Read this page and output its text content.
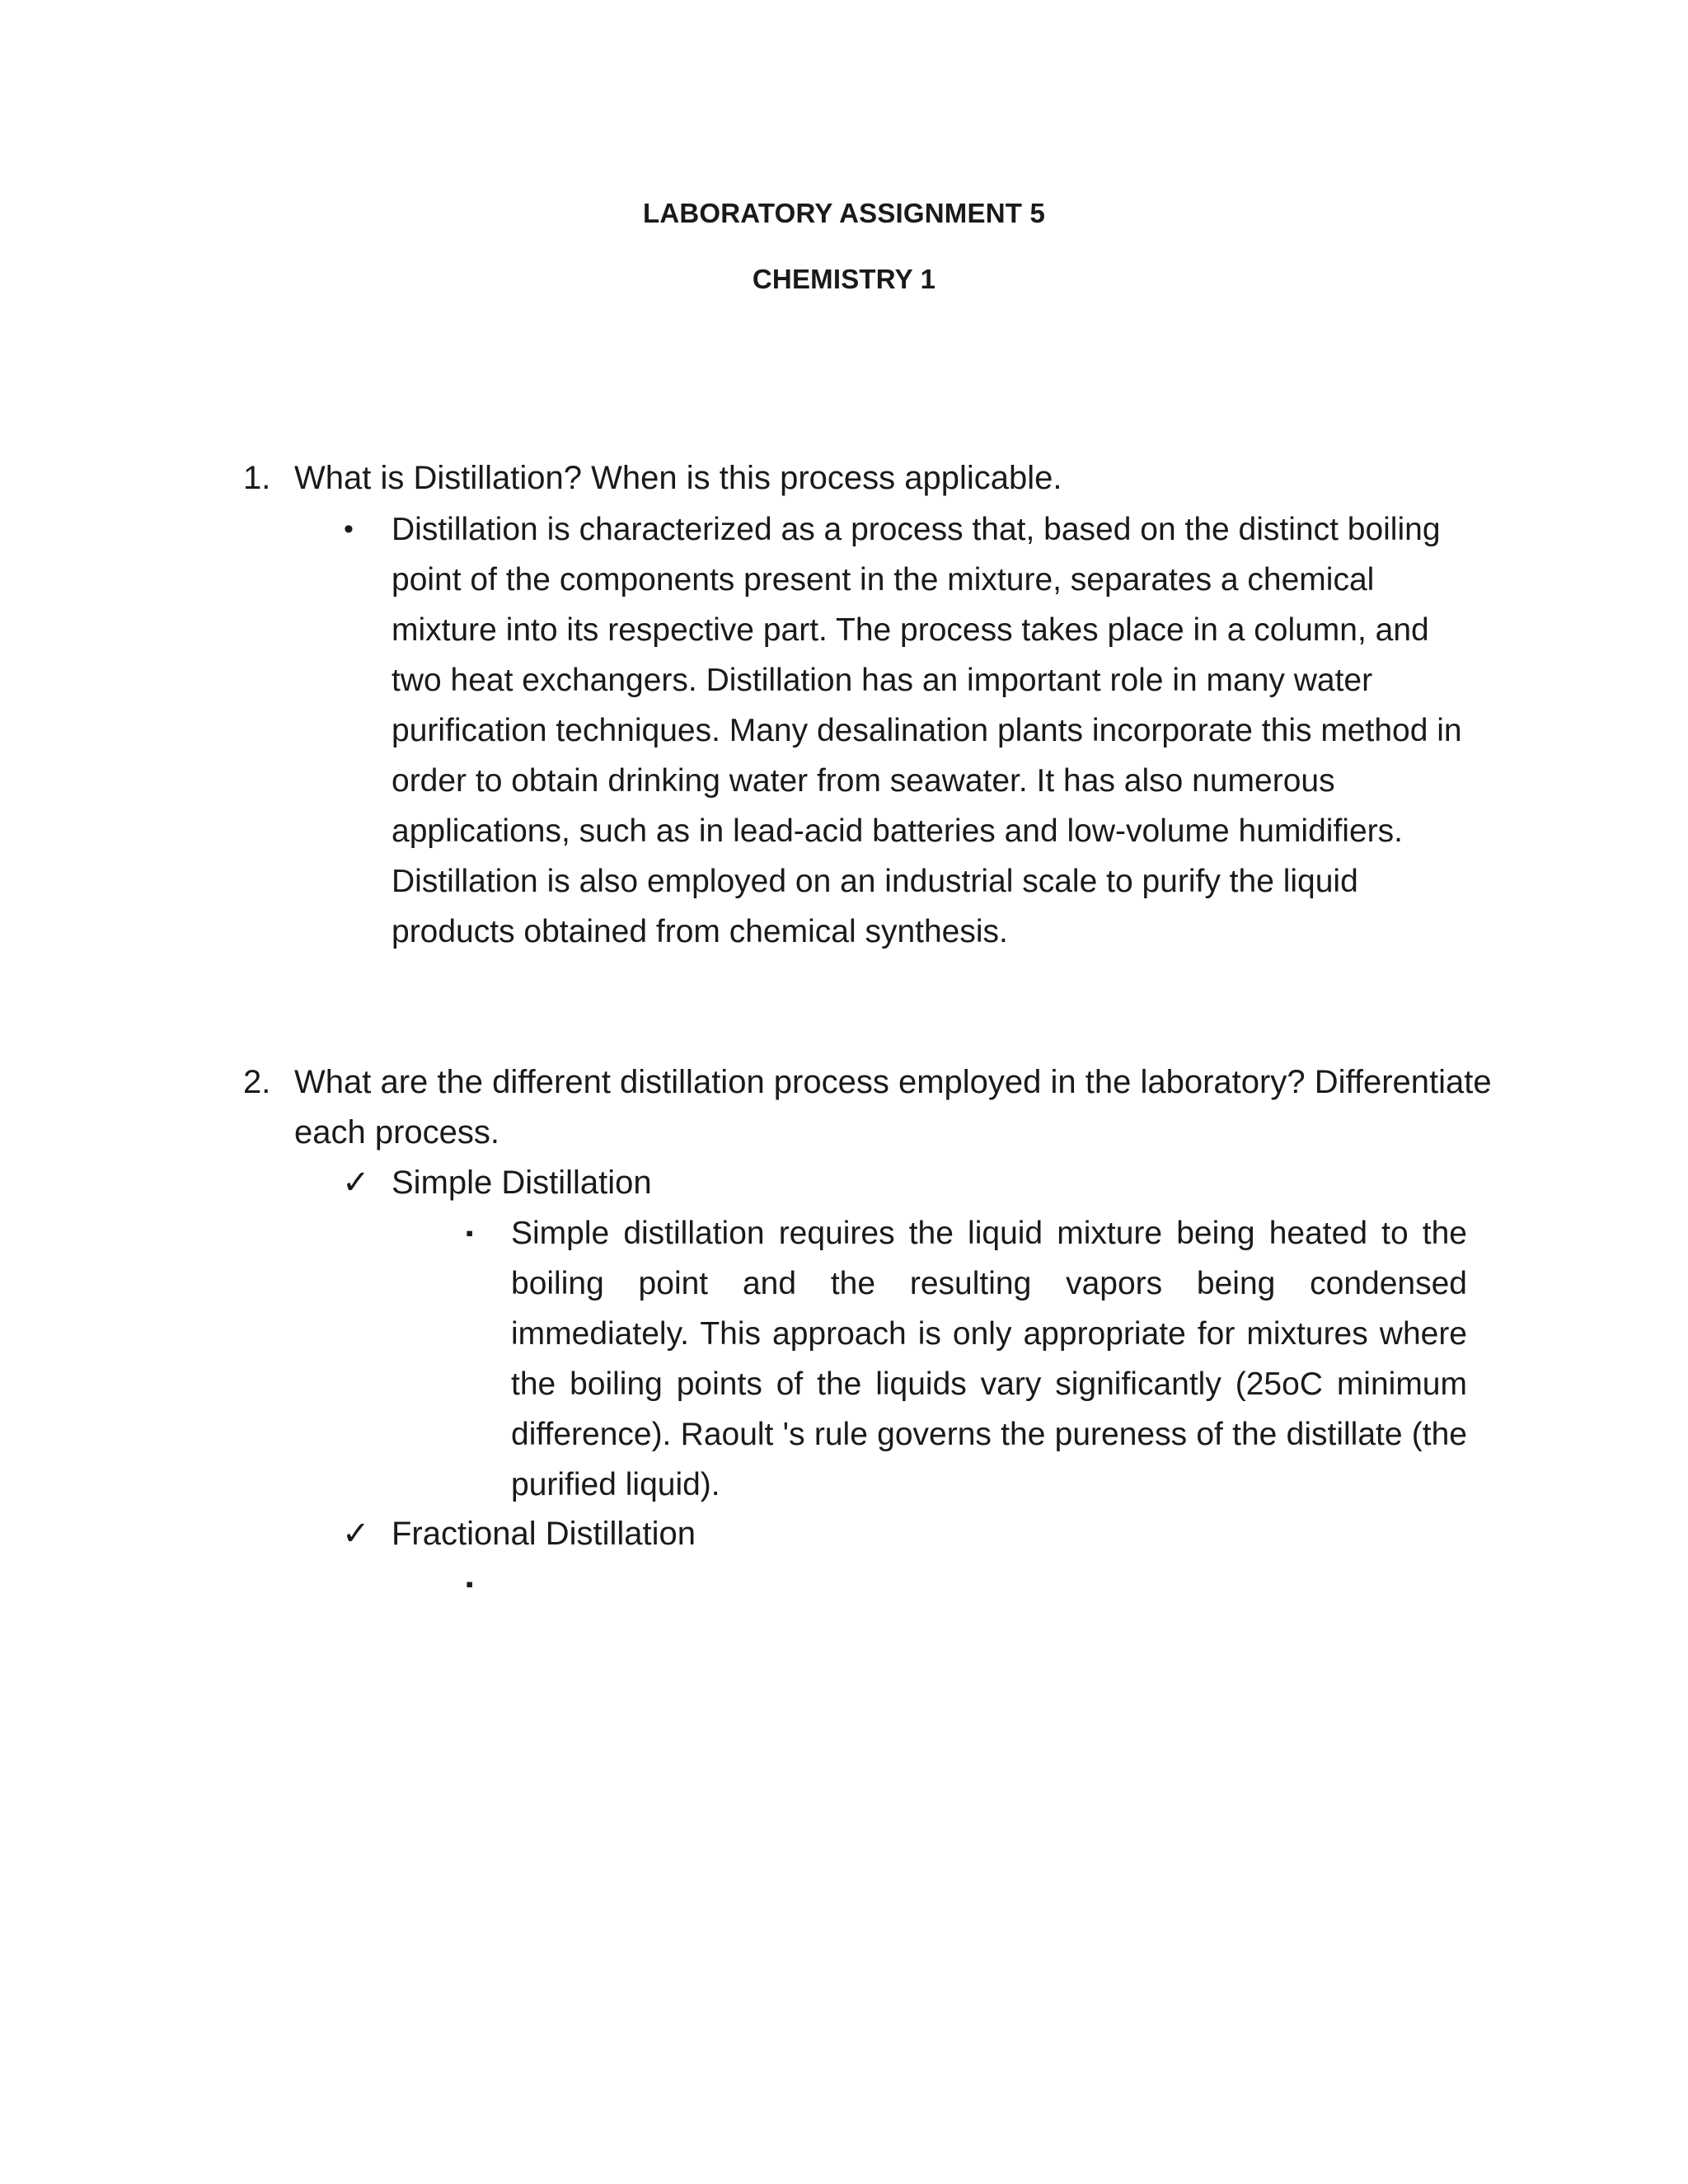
LABORATORY ASSIGNMENT 5
CHEMISTRY 1
1. What is Distillation? When is this process applicable.
• Distillation is characterized as a process that, based on the distinct boiling point of the components present in the mixture, separates a chemical mixture into its respective part. The process takes place in a column, and two heat exchangers. Distillation has an important role in many water purification techniques. Many desalination plants incorporate this method in order to obtain drinking water from seawater. It has also numerous applications, such as in lead-acid batteries and low-volume humidifiers. Distillation is also employed on an industrial scale to purify the liquid products obtained from chemical synthesis.
2. What are the different distillation process employed in the laboratory? Differentiate each process.
✓ Simple Distillation
▪ Simple distillation requires the liquid mixture being heated to the boiling point and the resulting vapors being condensed immediately. This approach is only appropriate for mixtures where the boiling points of the liquids vary significantly (25oC minimum difference). Raoult 's rule governs the pureness of the distillate (the purified liquid).
✓ Fractional Distillation
▪
